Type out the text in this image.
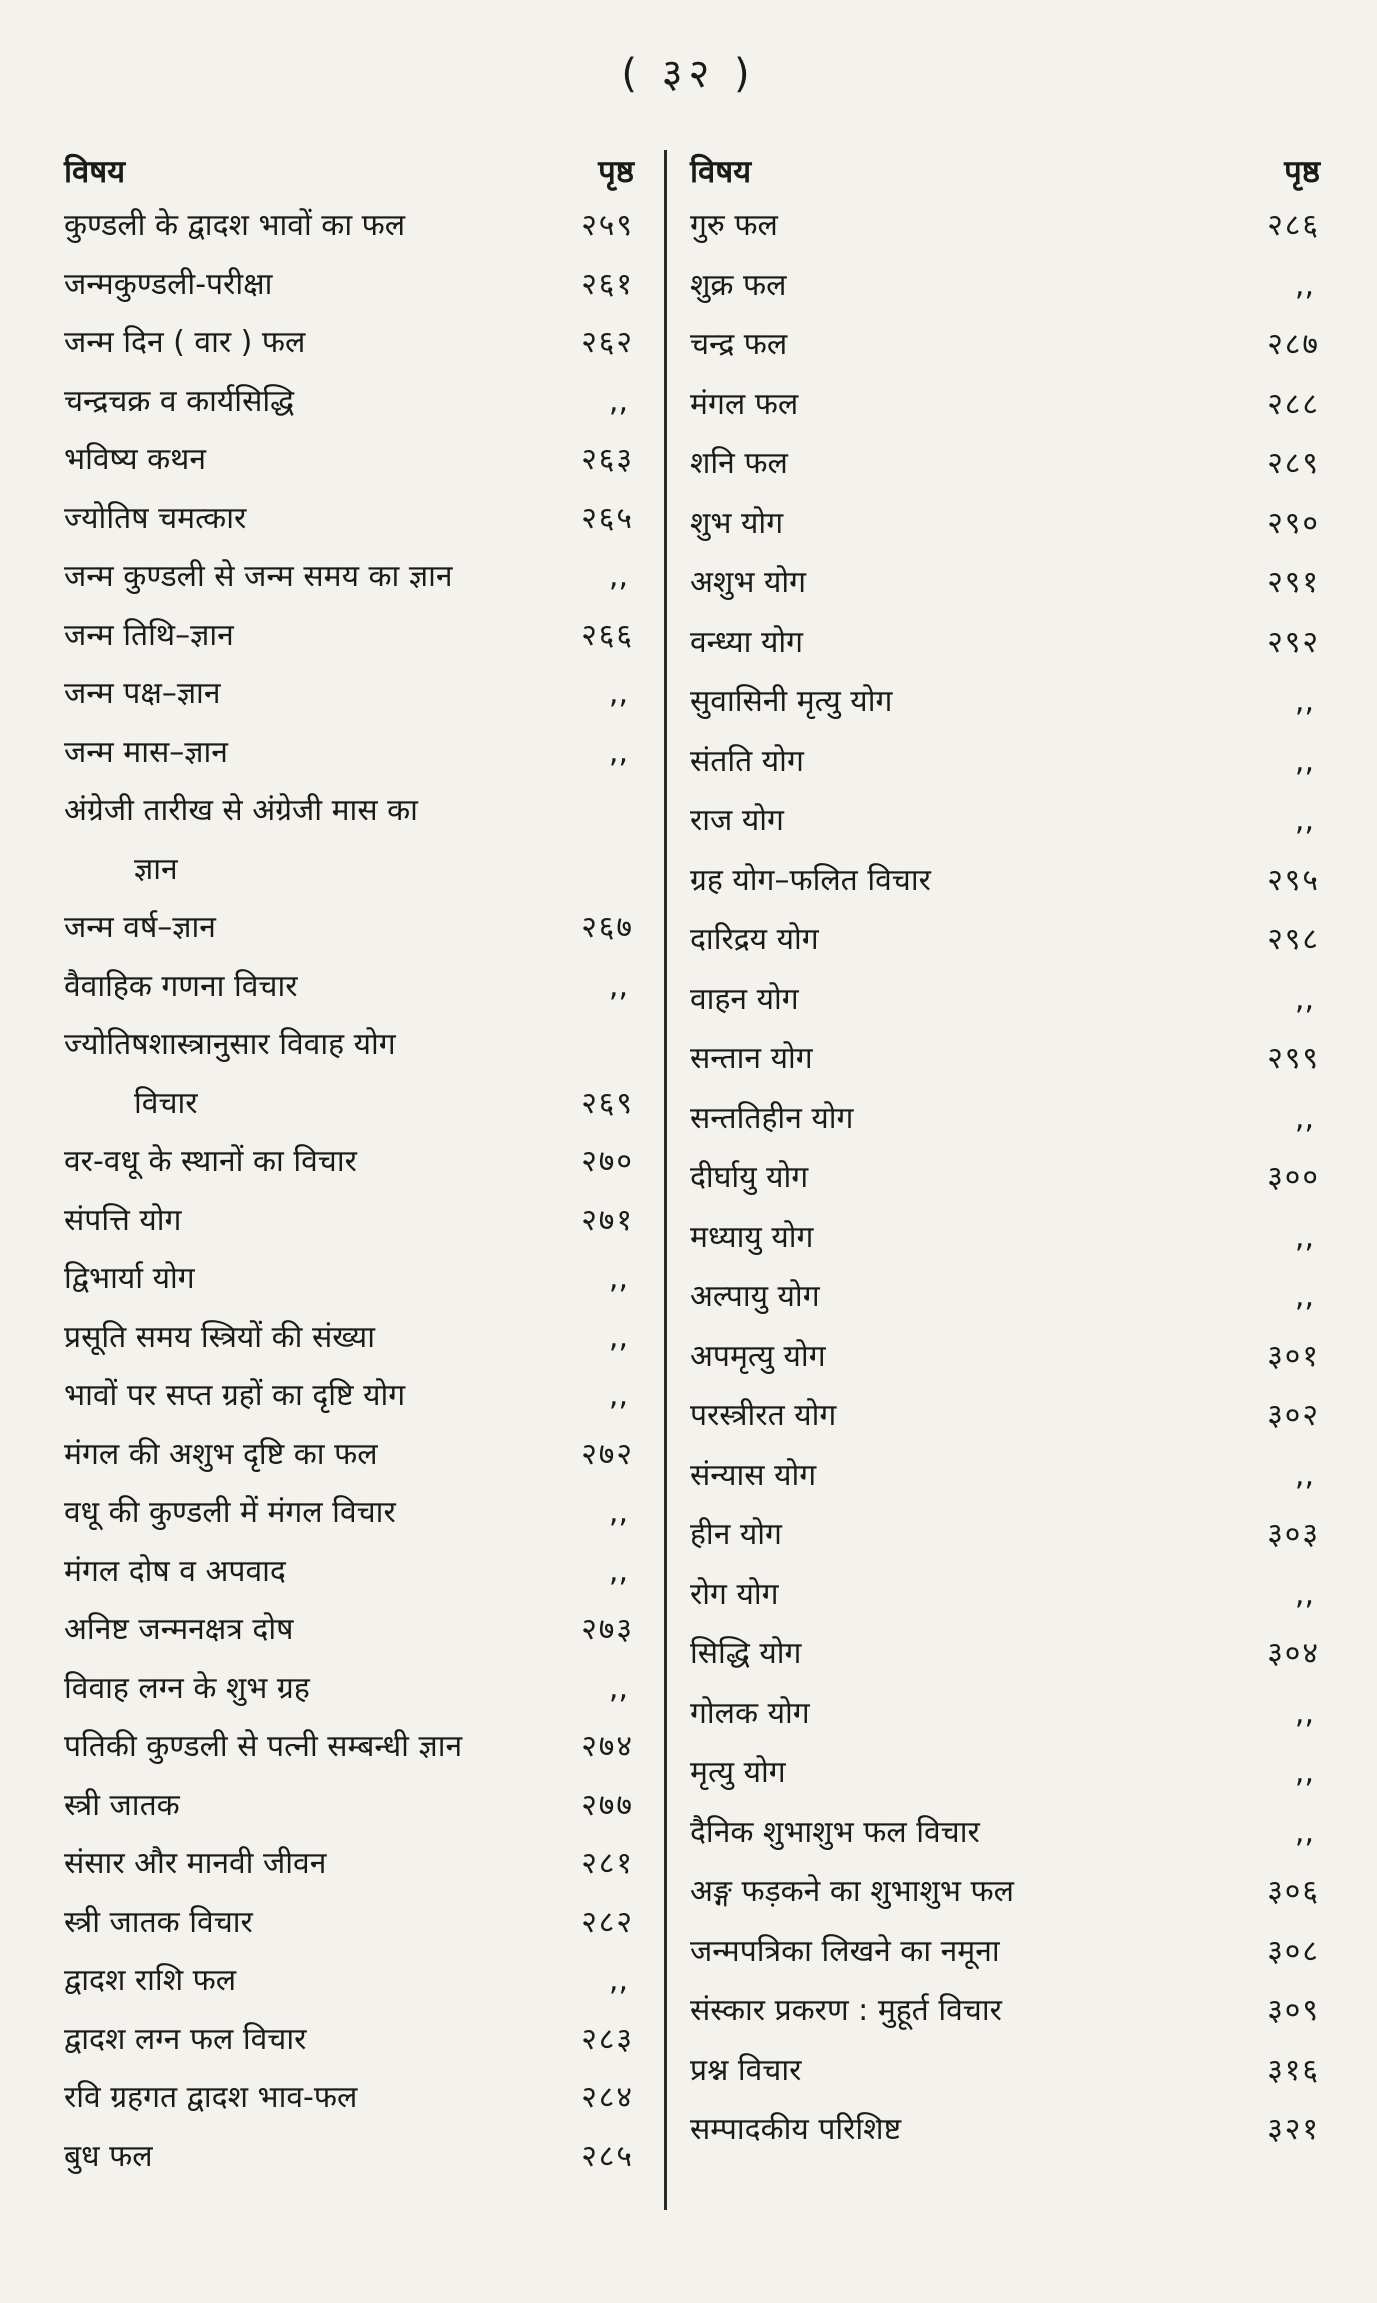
( ३२ )
विषय	पृष्ठ
कुण्डली के द्वादश भावों का फल	२५९
जन्मकुण्डली-परीक्षा	२६१
जन्म दिन ( वार ) फल	२६२
चन्द्रचक्र व कार्यसिद्धि	,,
भविष्य कथन	२६३
ज्योतिष चमत्कार	२६५
जन्म कुण्डली से जन्म समय का ज्ञान	,,
जन्म तिथि–ज्ञान	२६६
जन्म पक्ष–ज्ञान	,,
जन्म मास–ज्ञान	,,
अंग्रेजी तारीख से अंग्रेजी मास का
ज्ञान
जन्म वर्ष–ज्ञान	२६७
वैवाहिक गणना विचार	,,
ज्योतिषशास्त्रानुसार विवाह योग
विचार	२६९
वर-वधू के स्थानों का विचार	२७०
संपत्ति योग	२७१
द्विभार्या योग	,,
प्रसूति समय स्त्रियों की संख्या	,,
भावों पर सप्त ग्रहों का दृष्टि योग	,,
मंगल की अशुभ दृष्टि का फल	२७२
वधू की कुण्डली में मंगल विचार	,,
मंगल दोष व अपवाद	,,
अनिष्ट जन्मनक्षत्र दोष	२७३
विवाह लग्न के शुभ ग्रह	,,
पतिकी कुण्डली से पत्नी सम्बन्धी ज्ञान	२७४
स्त्री जातक	२७७
संसार और मानवी जीवन	२८१
स्त्री जातक विचार	२८२
द्वादश राशि फल	,,
द्वादश लग्न फल विचार	२८३
रवि ग्रहगत द्वादश भाव-फल	२८४
बुध फल	२८५
विषय	पृष्ठ
गुरु फल	२८६
शुक्र फल	,,
चन्द्र फल	२८७
मंगल फल	२८८
शनि फल	२८९
शुभ योग	२९०
अशुभ योग	२९१
वन्ध्या योग	२९२
सुवासिनी मृत्यु योग	,,
संतति योग	,,
राज योग	,,
ग्रह योग–फलित विचार	२९५
दारिद्रय योग	२९८
वाहन योग	,,
सन्तान योग	२९९
सन्ततिहीन योग	,,
दीर्घायु योग	३००
मध्यायु योग	,,
अल्पायु योग	,,
अपमृत्यु योग	३०१
परस्त्रीरत योग	३०२
संन्यास योग	,,
हीन योग	३०३
रोग योग	,,
सिद्धि योग	३०४
गोलक योग	,,
मृत्यु योग	,,
दैनिक शुभाशुभ फल विचार	,,
अङ्ग फड़कने का शुभाशुभ फल	३०६
जन्मपत्रिका लिखने का नमूना	३०८
संस्कार प्रकरण : मुहूर्त विचार	३०९
प्रश्न विचार	३१६
सम्पादकीय परिशिष्ट	३२१
